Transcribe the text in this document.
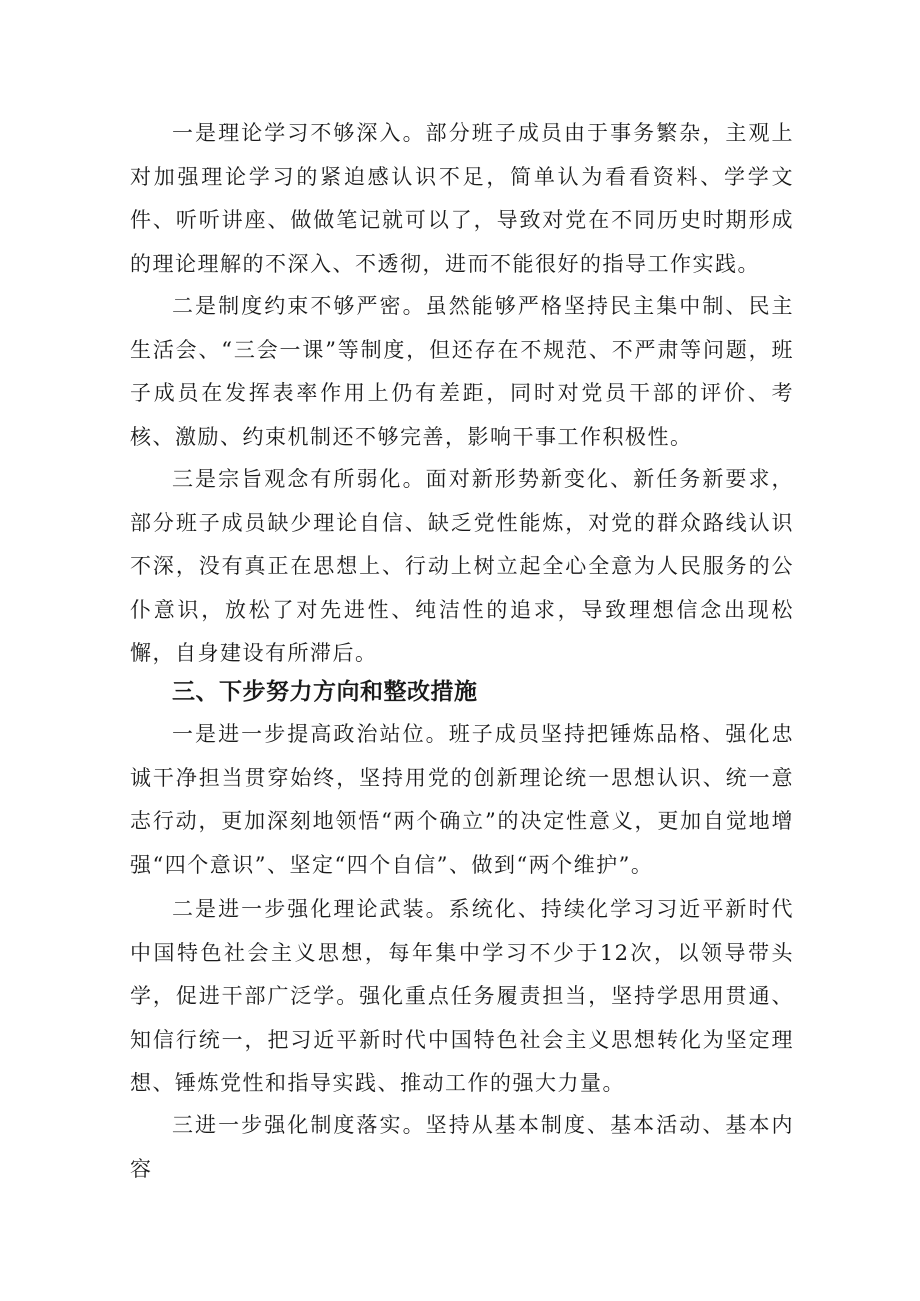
一是理论学习不够深入。部分班子成员由于事务繁杂，主观上对加强理论学习的紧迫感认识不足，简单认为看看资料、学学文件、听听讲座、做做笔记就可以了，导致对党在不同历史时期形成的理论理解的不深入、不透彻，进而不能很好的指导工作实践。

二是制度约束不够严密。虽然能够严格坚持民主集中制、民主生活会、“三会一课”等制度，但还存在不规范、不严肃等问题，班子成员在发挥表率作用上仍有差距，同时对党员干部的评价、考核、激励、约束机制还不够完善，影响干事工作积极性。

三是宗旨观念有所弱化。面对新形势新变化、新任务新要求，部分班子成员缺少理论自信、缺乏党性能炼，对党的群众路线认识不深，没有真正在思想上、行动上树立起全心全意为人民服务的公仆意识，放松了对先进性、纯洁性的追求，导致理想信念出现松懈，自身建设有所滞后。

三、下步努力方向和整改措施

一是进一步提高政治站位。班子成员坚持把锤炼品格、强化忠诚干净担当贯穿始终，坚持用党的创新理论统一思想认识、统一意志行动，更加深刻地领悟“两个确立”的决定性意义，更加自觉地增强“四个意识”、坚定“四个自信”、做到“两个维护”。

二是进一步强化理论武装。系统化、持续化学习习近平新时代中国特色社会主义思想，每年集中学习不少于12次，以领导带头学，促进干部广泛学。强化重点任务履责担当，坚持学思用贯通、知信行统一，把习近平新时代中国特色社会主义思想转化为坚定理想、锤炼党性和指导实践、推动工作的强大力量。

三进一步强化制度落实。坚持从基本制度、基本活动、基本内容
